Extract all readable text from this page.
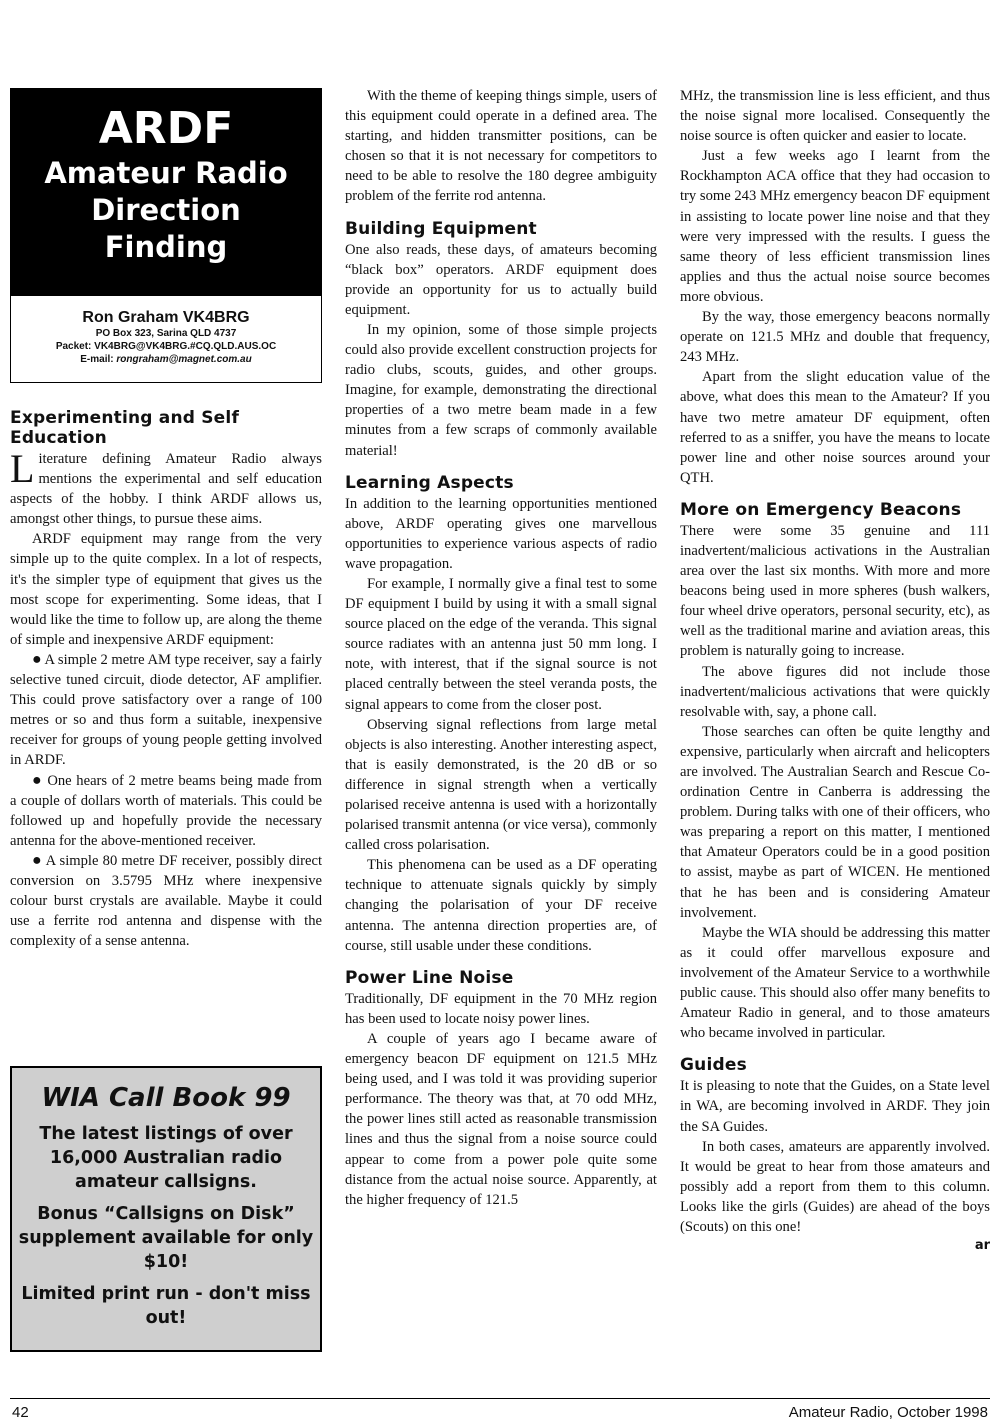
ARDF
Amateur Radio
Direction
Finding
Ron Graham VK4BRG
PO Box 323, Sarina QLD 4737
Packet: VK4BRG@VK4BRG.#CQ.QLD.AUS.OC
E-mail: rongraham@magnet.com.au
Experimenting and Self Education

Literature defining Amateur Radio always mentions the experimental and self education aspects of the hobby. I think ARDF allows us, amongst other things, to pursue these aims.

ARDF equipment may range from the very simple up to the quite complex. In a lot of respects, it's the simpler type of equipment that gives us the most scope for experimenting. Some ideas, that I would like the time to follow up, are along the theme of simple and inexpensive ARDF equipment:

● A simple 2 metre AM type receiver, say a fairly selective tuned circuit, diode detector, AF amplifier. This could prove satisfactory over a range of 100 metres or so and thus form a suitable, inexpensive receiver for groups of young people getting involved in ARDF.

● One hears of 2 metre beams being made from a couple of dollars worth of materials. This could be followed up and hopefully provide the necessary antenna for the above-mentioned receiver.

● A simple 80 metre DF receiver, possibly direct conversion on 3.5795 MHz where inexpensive colour burst crystals are available. Maybe it could use a ferrite rod antenna and dispense with the complexity of a sense antenna.

WIA Call Book 99
The latest listings of over 16,000 Australian radio amateur callsigns.
Bonus “Callsigns on Disk” supplement available for only $10!
Limited print run - don't miss out!

With the theme of keeping things simple, users of this equipment could operate in a defined area. The starting, and hidden transmitter positions, can be chosen so that it is not necessary for competitors to need to be able to resolve the 180 degree ambiguity problem of the ferrite rod antenna.

Building Equipment

One also reads, these days, of amateurs becoming “black box” operators. ARDF equipment does provide an opportunity for us to actually build equipment.

In my opinion, some of those simple projects could also provide excellent construction projects for radio clubs, scouts, guides, and other groups. Imagine, for example, demonstrating the directional properties of a two metre beam made in a few minutes from a few scraps of commonly available material!

Learning Aspects

In addition to the learning opportunities mentioned above, ARDF operating gives one marvellous opportunities to experience various aspects of radio wave propagation.

For example, I normally give a final test to some DF equipment I build by using it with a small signal source placed on the edge of the veranda. This signal source radiates with an antenna just 50 mm long. I note, with interest, that if the signal source is not placed centrally between the steel veranda posts, the signal appears to come from the closer post.

Observing signal reflections from large metal objects is also interesting. Another interesting aspect, that is easily demonstrated, is the 20 dB or so difference in signal strength when a vertically polarised receive antenna is used with a horizontally polarised transmit antenna (or vice versa), commonly called cross polarisation.

This phenomena can be used as a DF operating technique to attenuate signals quickly by simply changing the polarisation of your DF receive antenna. The antenna direction properties are, of course, still usable under these conditions.

Power Line Noise

Traditionally, DF equipment in the 70 MHz region has been used to locate noisy power lines.

A couple of years ago I became aware of emergency beacon DF equipment on 121.5 MHz being used, and I was told it was providing superior performance. The theory was that, at 70 odd MHz, the power lines still acted as reasonable transmission lines and thus the signal from a noise source could appear to come from a power pole quite some distance from the actual noise source. Apparently, at the higher frequency of 121.5

MHz, the transmission line is less efficient, and thus the noise signal more localised. Consequently the noise source is often quicker and easier to locate.

Just a few weeks ago I learnt from the Rockhampton ACA office that they had occasion to try some 243 MHz emergency beacon DF equipment in assisting to locate power line noise and that they were very impressed with the results. I guess the same theory of less efficient transmission lines applies and thus the actual noise source becomes more obvious.

By the way, those emergency beacons normally operate on 121.5 MHz and double that frequency, 243 MHz.

Apart from the slight education value of the above, what does this mean to the Amateur? If you have two metre amateur DF equipment, often referred to as a sniffer, you have the means to locate power line and other noise sources around your QTH.

More on Emergency Beacons

There were some 35 genuine and 111 inadvertent/malicious activations in the Australian area over the last six months. With more and more beacons being used in more spheres (bush walkers, four wheel drive operators, personal security, etc), as well as the traditional marine and aviation areas, this problem is naturally going to increase.

The above figures did not include those inadvertent/malicious activations that were quickly resolvable with, say, a phone call.

Those searches can often be quite lengthy and expensive, particularly when aircraft and helicopters are involved. The Australian Search and Rescue Co-ordination Centre in Canberra is addressing the problem. During talks with one of their officers, who was preparing a report on this matter, I mentioned that Amateur Operators could be in a good position to assist, maybe as part of WICEN. He mentioned that he has been and is considering Amateur involvement.

Maybe the WIA should be addressing this matter as it could offer marvellous exposure and involvement of the Amateur Service to a worthwhile public cause. This should also offer many benefits to Amateur Radio in general, and to those amateurs who became involved in particular.

Guides

It is pleasing to note that the Guides, on a State level in WA, are becoming involved in ARDF. They join the SA Guides.

In both cases, amateurs are apparently involved. It would be great to hear from those amateurs and possibly add a report from them to this column. Looks like the girls (Guides) are ahead of the boys (Scouts) on this one!

ar
42	Amateur Radio, October 1998
